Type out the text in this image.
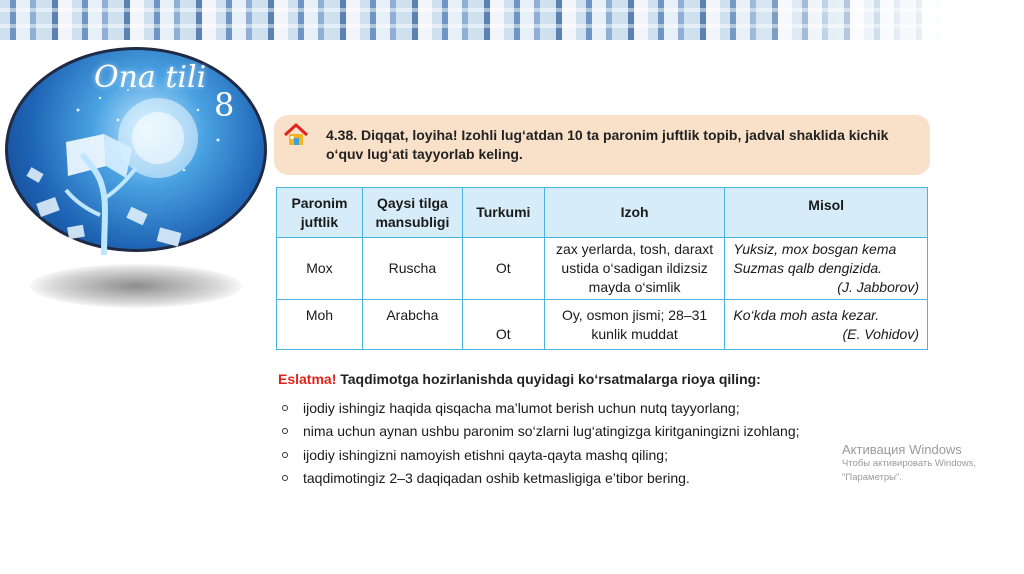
Ona tili
8
4.38. Diqqat, loyiha! Izohli lug‘atdan 10 ta paronim juftlik topib, jadval shaklida kichik o‘quv lug‘ati tayyorlab keling.
Paronim juftlik	Qaysi tilga mansubligi	Turkumi	Izoh	Misol
Mox	Ruscha	Ot	zax yerlarda, tosh, daraxt ustida o‘sadigan ildizsiz mayda o‘simlik	Yuksiz, mox bosgan kema Suzmas qalb dengizida.
(J. Jabborov)

Moh	Arabcha	Ot	Oy, osmon jismi; 28–31 kunlik muddat	Ko‘kda moh asta kezar.
(E. Vohidov)
Eslatma! Taqdimotga hozirlanishda quyidagi ko‘rsatmalarga rioya qiling:
ijodiy ishingiz haqida qisqacha ma’lumot berish uchun nutq tayyorlang;
nima uchun aynan ushbu paronim so‘zlarni lug‘atingizga kiritganingizni izohlang;
ijodiy ishingizni namoyish etishni qayta-qayta mashq qiling;
taqdimotingiz 2–3 daqiqadan oshib ketmasligiga e’tibor bering.
Активация Windows
Чтобы активировать Windows,
"Параметры".
